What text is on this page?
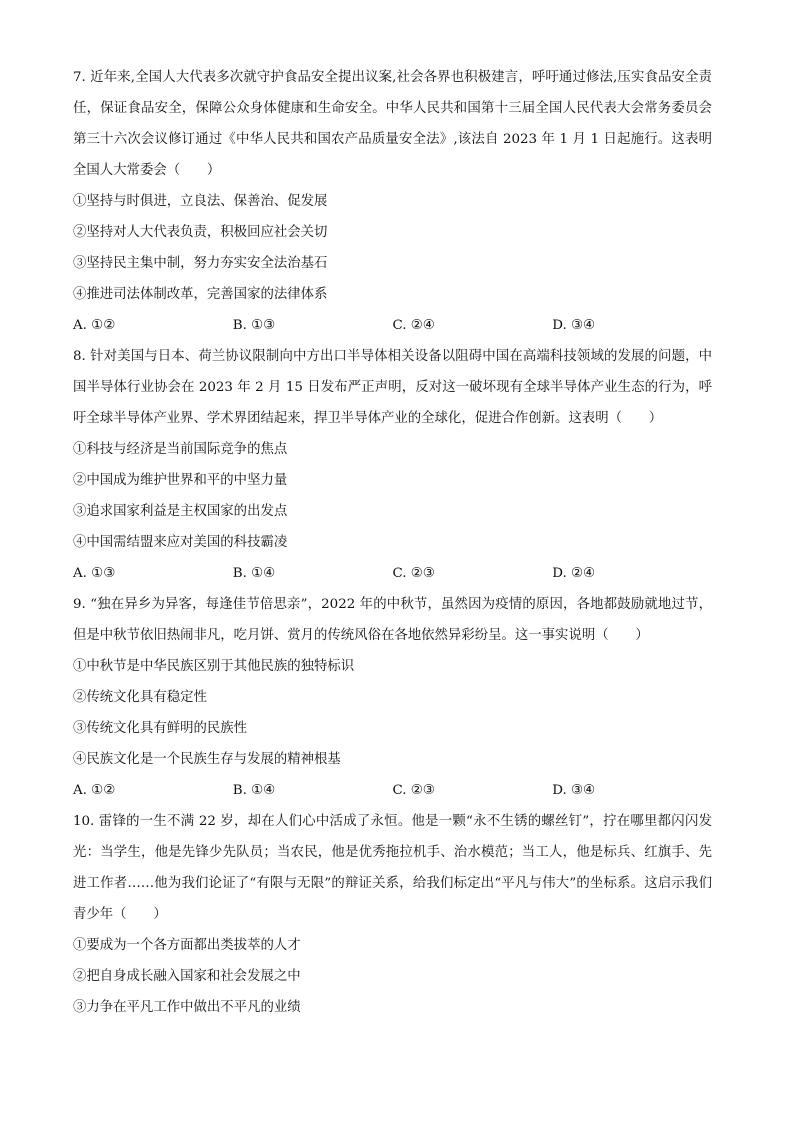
7. 近年来,全国人大代表多次就守护食品安全提出议案,社会各界也积极建言，呼吁通过修法,压实食品安全责任，保证食品安全，保障公众身体健康和生命安全。中华人民共和国第十三届全国人民代表大会常务委员会第三十六次会议修订通过《中华人民共和国农产品质量安全法》,该法自 2023 年 1 月 1 日起施行。这表明全国人大常委会（　　）

①坚持与时俱进，立良法、保善治、促发展

②坚持对人大代表负责，积极回应社会关切

③坚持民主集中制，努力夯实安全法治基石

④推进司法体制改革，完善国家的法律体系

A. ①②	B. ①③	C. ②④	D. ③④

8. 针对美国与日本、荷兰协议限制向中方出口半导体相关设备以阻碍中国在高端科技领域的发展的问题，中国半导体行业协会在 2023 年 2 月 15 日发布严正声明，反对这一破坏现有全球半导体产业生态的行为，呼吁全球半导体产业界、学术界团结起来，捍卫半导体产业的全球化，促进合作创新。这表明（　　）

①科技与经济是当前国际竞争的焦点

②中国成为维护世界和平的中坚力量

③追求国家利益是主权国家的出发点

④中国需结盟来应对美国的科技霸凌

A. ①③	B. ①④	C. ②③	D. ②④

9. “独在异乡为异客，每逢佳节倍思亲”，2022 年的中秋节，虽然因为疫情的原因，各地都鼓励就地过节，但是中秋节依旧热闹非凡，吃月饼、赏月的传统风俗在各地依然异彩纷呈。这一事实说明（　　）

①中秋节是中华民族区别于其他民族的独特标识

②传统文化具有稳定性

③传统文化具有鲜明的民族性

④民族文化是一个民族生存与发展的精神根基

A. ①②	B. ①④	C. ②③	D. ③④

10. 雷锋的一生不满 22 岁，却在人们心中活成了永恒。他是一颗“永不生锈的螺丝钉”，拧在哪里都闪闪发光：当学生，他是先锋少先队员；当农民，他是优秀拖拉机手、治水模范；当工人，他是标兵、红旗手、先进工作者……他为我们论证了“有限与无限”的辩证关系，给我们标定出“平凡与伟大”的坐标系。这启示我们青少年（　　）

①要成为一个各方面都出类拔萃的人才

②把自身成长融入国家和社会发展之中

③力争在平凡工作中做出不平凡的业绩
